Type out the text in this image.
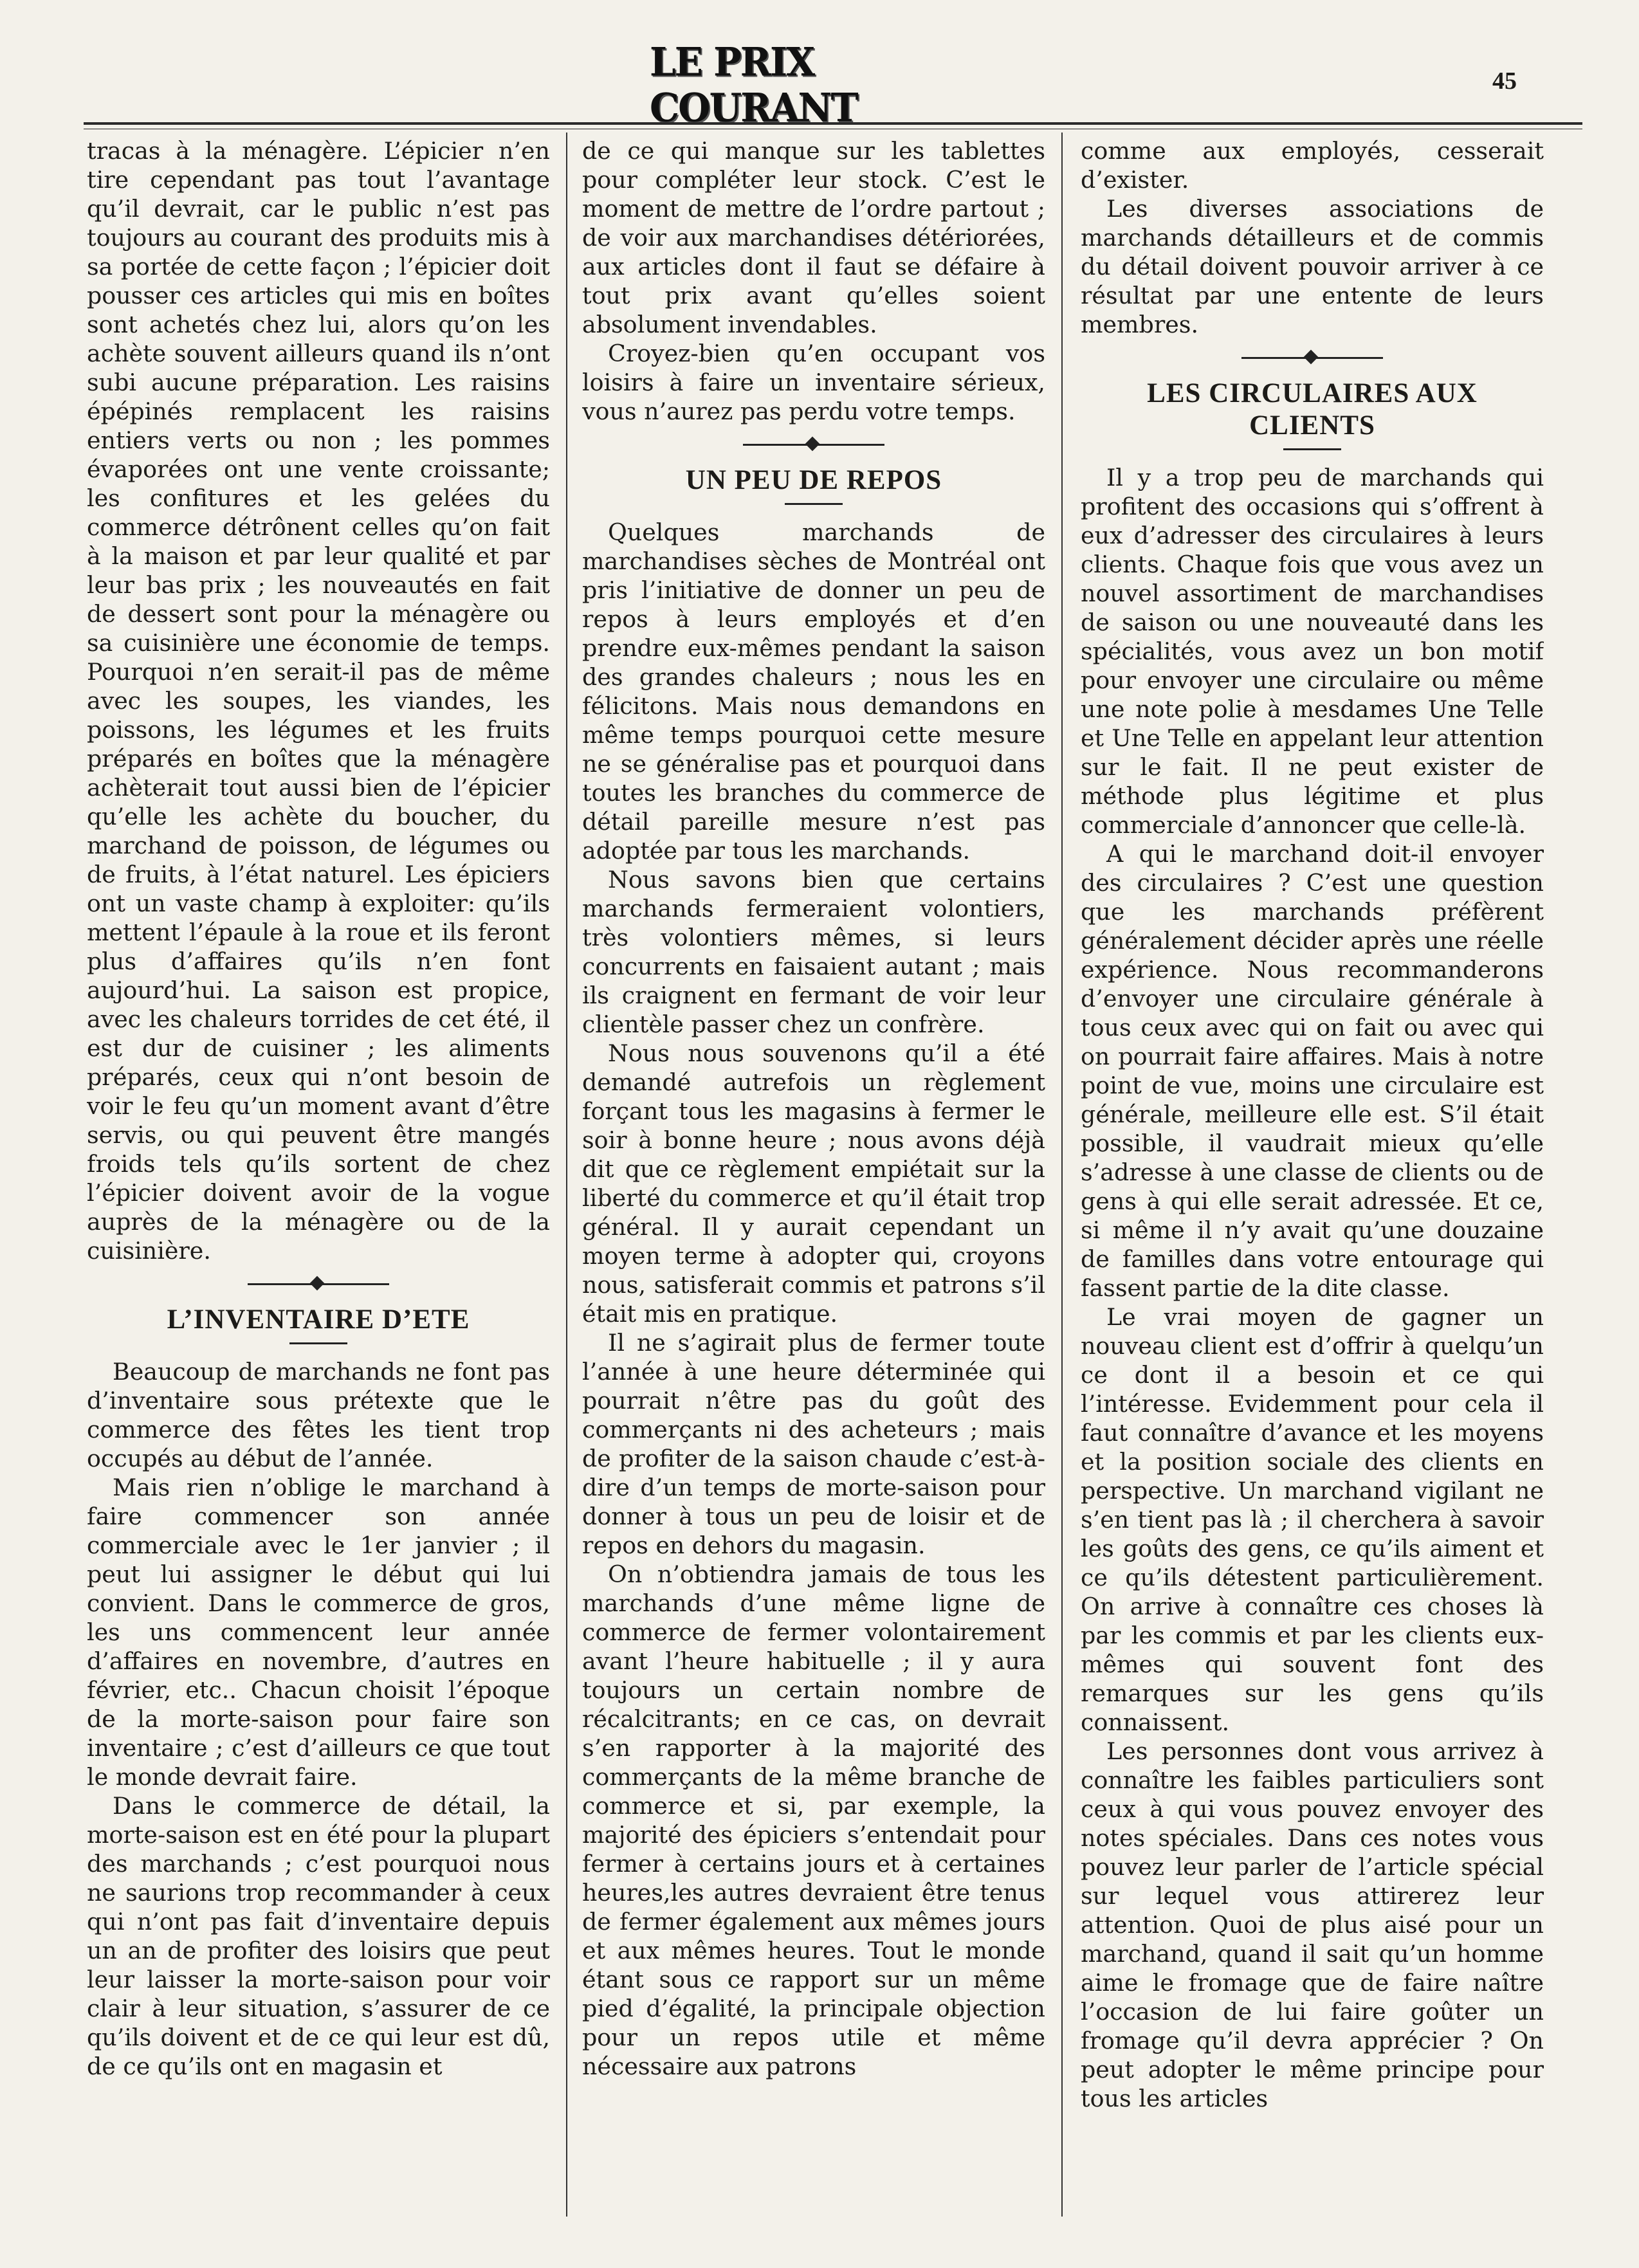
LE PRIX COURANT
45

tracas à la ménagère. L’épicier n’en tire cependant pas tout l’avantage qu’il devrait, car le public n’est pas toujours au courant des produits mis à sa portée de cette façon ; l’épicier doit pousser ces articles qui mis en boîtes sont achetés chez lui, alors qu’on les achète souvent ailleurs quand ils n’ont subi aucune préparation. Les raisins épépinés remplacent les raisins entiers verts ou non ; les pommes évaporées ont une vente croissante; les confitures et les gelées du commerce détrônent celles qu’on fait à la maison et par leur qualité et par leur bas prix ; les nouveautés en fait de dessert sont pour la ménagère ou sa cuisinière une économie de temps. Pourquoi n’en serait-il pas de même avec les soupes, les viandes, les poissons, les légumes et les fruits préparés en boîtes que la ménagère achèterait tout aussi bien de l’épicier qu’elle les achète du boucher, du marchand de poisson, de légumes ou de fruits, à l’état naturel. Les épiciers ont un vaste champ à exploiter: qu’ils mettent l’épaule à la roue et ils feront plus d’affaires qu’ils n’en font aujourd’hui. La saison est propice, avec les chaleurs torrides de cet été, il est dur de cuisiner ; les aliments préparés, ceux qui n’ont besoin de voir le feu qu’un moment avant d’être servis, ou qui peuvent être mangés froids tels qu’ils sortent de chez l’épicier doivent avoir de la vogue auprès de la ménagère ou de la cuisinière.

L’INVENTAIRE D’ETE

Beaucoup de marchands ne font pas d’inventaire sous prétexte que le commerce des fêtes les tient trop occupés au début de l’année.

Mais rien n’oblige le marchand à faire commencer son année commerciale avec le 1er janvier ; il peut lui assigner le début qui lui convient. Dans le commerce de gros, les uns commencent leur année d’affaires en novembre, d’autres en février, etc.. Chacun choisit l’époque de la morte-saison pour faire son inventaire ; c’est d’ailleurs ce que tout le monde devrait faire.

Dans le commerce de détail, la morte-saison est en été pour la plupart des marchands ; c’est pourquoi nous ne saurions trop recommander à ceux qui n’ont pas fait d’inventaire depuis un an de profiter des loisirs que peut leur laisser la morte-saison pour voir clair à leur situation, s’assurer de ce qu’ils doivent et de ce qui leur est dû, de ce qu’ils ont en magasin et

de ce qui manque sur les tablettes pour compléter leur stock. C’est le moment de mettre de l’ordre partout ; de voir aux marchandises détériorées, aux articles dont il faut se défaire à tout prix avant qu’elles soient absolument invendables.

Croyez-bien qu’en occupant vos loisirs à faire un inventaire sérieux, vous n’aurez pas perdu votre temps.

UN PEU DE REPOS

Quelques marchands de marchandises sèches de Montréal ont pris l’initiative de donner un peu de repos à leurs employés et d’en prendre eux-mêmes pendant la saison des grandes chaleurs ; nous les en félicitons. Mais nous demandons en même temps pourquoi cette mesure ne se généralise pas et pourquoi dans toutes les branches du commerce de détail pareille mesure n’est pas adoptée par tous les marchands.

Nous savons bien que certains marchands fermeraient volontiers, très volontiers mêmes, si leurs concurrents en faisaient autant ; mais ils craignent en fermant de voir leur clientèle passer chez un confrère.

Nous nous souvenons qu’il a été demandé autrefois un règlement forçant tous les magasins à fermer le soir à bonne heure ; nous avons déjà dit que ce règlement empiétait sur la liberté du commerce et qu’il était trop général. Il y aurait cependant un moyen terme à adopter qui, croyons nous, satisferait commis et patrons s’il était mis en pratique.

Il ne s’agirait plus de fermer toute l’année à une heure déterminée qui pourrait n’être pas du goût des commerçants ni des acheteurs ; mais de profiter de la saison chaude c’est-à-dire d’un temps de morte-saison pour donner à tous un peu de loisir et de repos en dehors du magasin.

On n’obtiendra jamais de tous les marchands d’une même ligne de commerce de fermer volontairement avant l’heure habituelle ; il y aura toujours un certain nombre de récalcitrants; en ce cas, on devrait s’en rapporter à la majorité des commerçants de la même branche de commerce et si, par exemple, la majorité des épiciers s’entendait pour fermer à certains jours et à certaines heures,les autres devraient être tenus de fermer également aux mêmes jours et aux mêmes heures. Tout le monde étant sous ce rapport sur un même pied d’égalité, la principale objection pour un repos utile et même nécessaire aux patrons

comme aux employés, cesserait d’exister.

Les diverses associations de marchands détailleurs et de commis du détail doivent pouvoir arriver à ce résultat par une entente de leurs membres.

LES CIRCULAIRES AUX CLIENTS

Il y a trop peu de marchands qui profitent des occasions qui s’offrent à eux d’adresser des circulaires à leurs clients. Chaque fois que vous avez un nouvel assortiment de marchandises de saison ou une nouveauté dans les spécialités, vous avez un bon motif pour envoyer une circulaire ou même une note polie à mesdames Une Telle et Une Telle en appelant leur attention sur le fait. Il ne peut exister de méthode plus légitime et plus commerciale d’annoncer que celle-là.

A qui le marchand doit-il envoyer des circulaires ? C’est une question que les marchands préfèrent généralement décider après une réelle expérience. Nous recommanderons d’envoyer une circulaire générale à tous ceux avec qui on fait ou avec qui on pourrait faire affaires. Mais à notre point de vue, moins une circulaire est générale, meilleure elle est. S’il était possible, il vaudrait mieux qu’elle s’adresse à une classe de clients ou de gens à qui elle serait adressée. Et ce, si même il n’y avait qu’une douzaine de familles dans votre entourage qui fassent partie de la dite classe.

Le vrai moyen de gagner un nouveau client est d’offrir à quelqu’un ce dont il a besoin et ce qui l’intéresse. Evidemment pour cela il faut connaître d’avance et les moyens et la position sociale des clients en perspective. Un marchand vigilant ne s’en tient pas là ; il cherchera à savoir les goûts des gens, ce qu’ils aiment et ce qu’ils détestent particulièrement. On arrive à connaître ces choses là par les commis et par les clients eux-mêmes qui souvent font des remarques sur les gens qu’ils connaissent.

Les personnes dont vous arrivez à connaître les faibles particuliers sont ceux à qui vous pouvez envoyer des notes spéciales. Dans ces notes vous pouvez leur parler de l’article spécial sur lequel vous attirerez leur attention. Quoi de plus aisé pour un marchand, quand il sait qu’un homme aime le fromage que de faire naître l’occasion de lui faire goûter un fromage qu’il devra apprécier ? On peut adopter le même principe pour tous les articles
